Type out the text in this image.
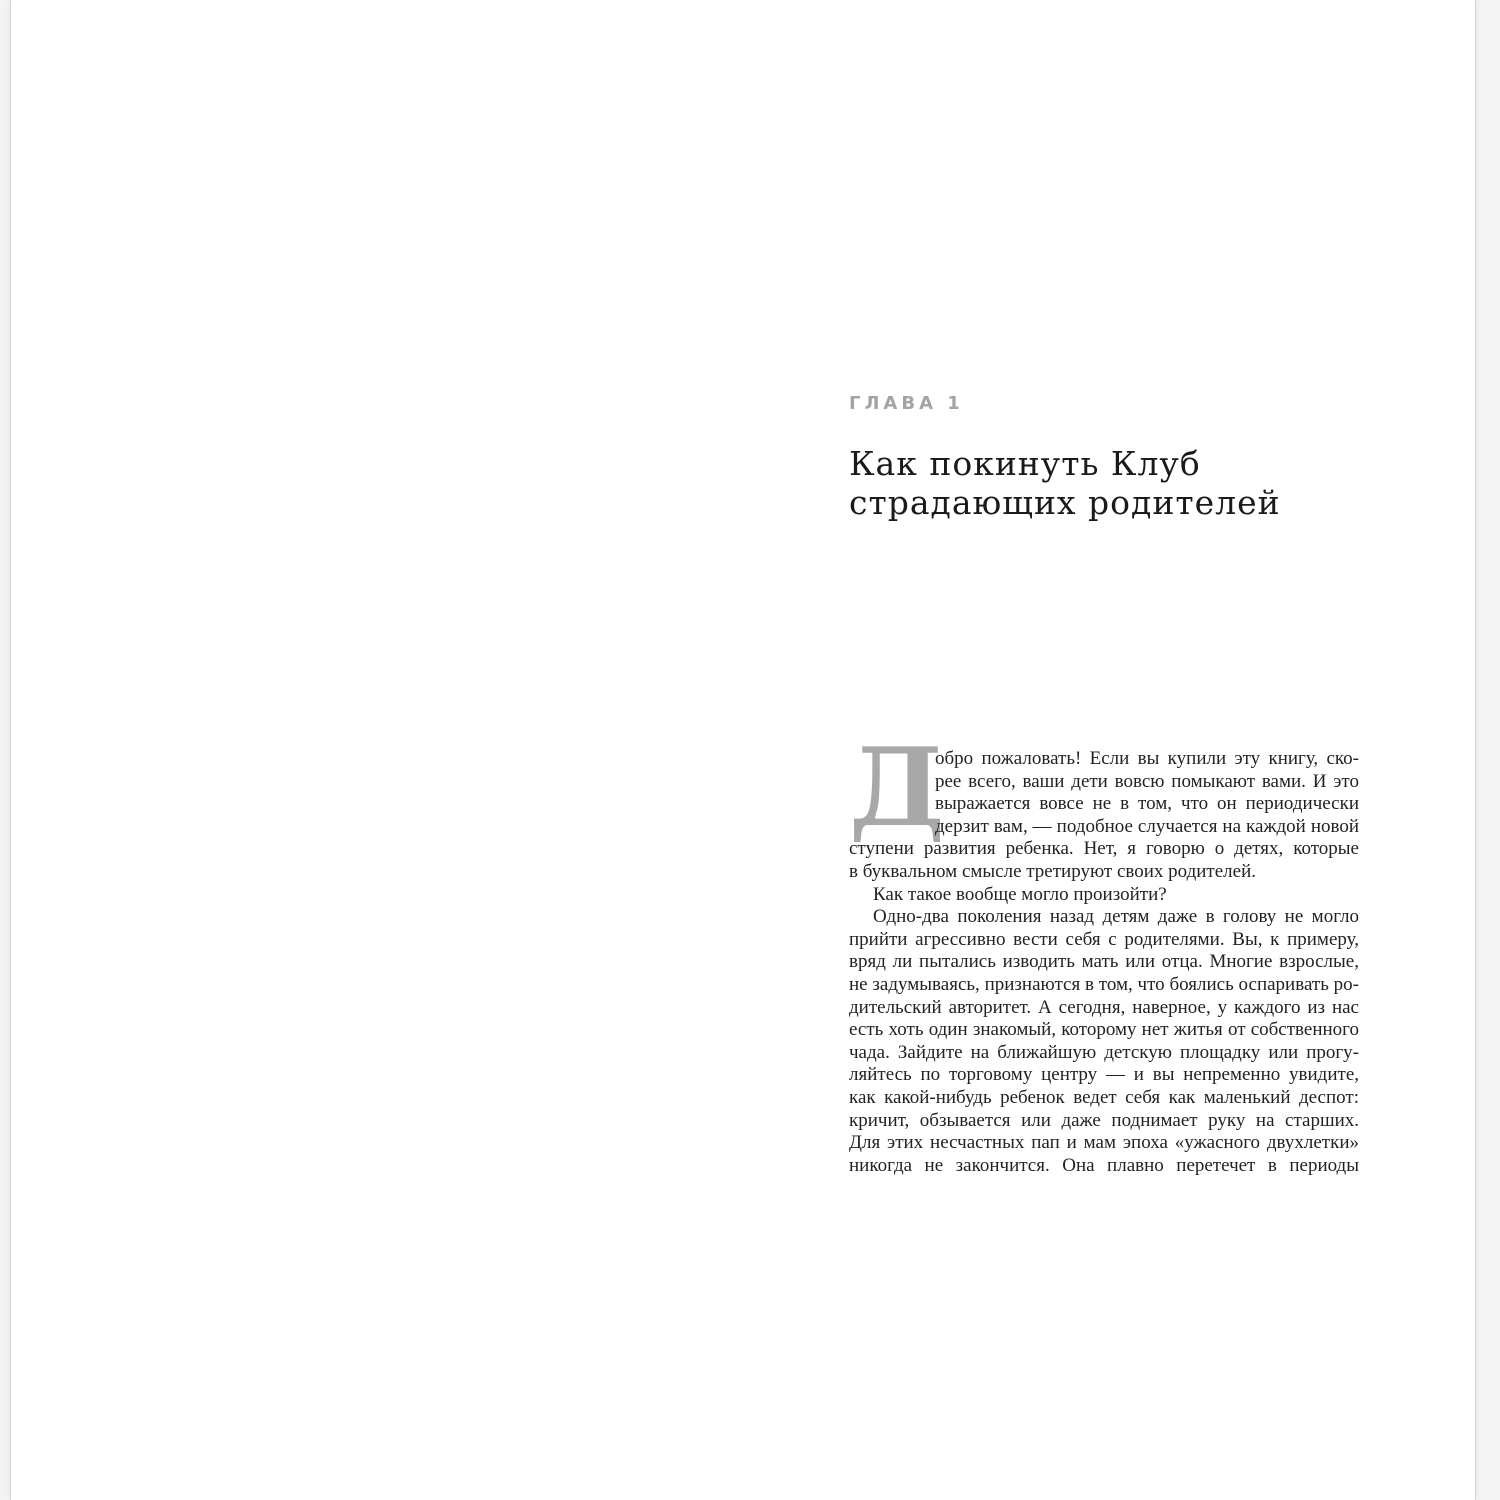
ГЛАВА 1
Как покинуть Клуб
страдающих родителей
Д
обро пожаловать! Если вы купили эту книгу, ско-
рее всего, ваши дети вовсю помыкают вами. И это
выражается вовсе не в том, что он периодически
дерзит вам, — подобное случается на каждой новой
ступени развития ребенка. Нет, я говорю о детях, которые
в буквальном смысле третируют своих родителей.
Как такое вообще могло произойти?
Одно-два поколения назад детям даже в голову не могло
прийти агрессивно вести себя с родителями. Вы, к примеру,
вряд ли пытались изводить мать или отца. Многие взрослые,
не задумываясь, признаются в том, что боялись оспаривать ро-
дительский авторитет. А сегодня, наверное, у каждого из нас
есть хоть один знакомый, которому нет житья от собственного
чада. Зайдите на ближайшую детскую площадку или прогу-
ляйтесь по торговому центру — и вы непременно увидите,
как какой-нибудь ребенок ведет себя как маленький деспот:
кричит, обзывается или даже поднимает руку на старших.
Для этих несчастных пап и мам эпоха «ужасного двухлетки»
никогда не закончится. Она плавно перетечет в периоды
